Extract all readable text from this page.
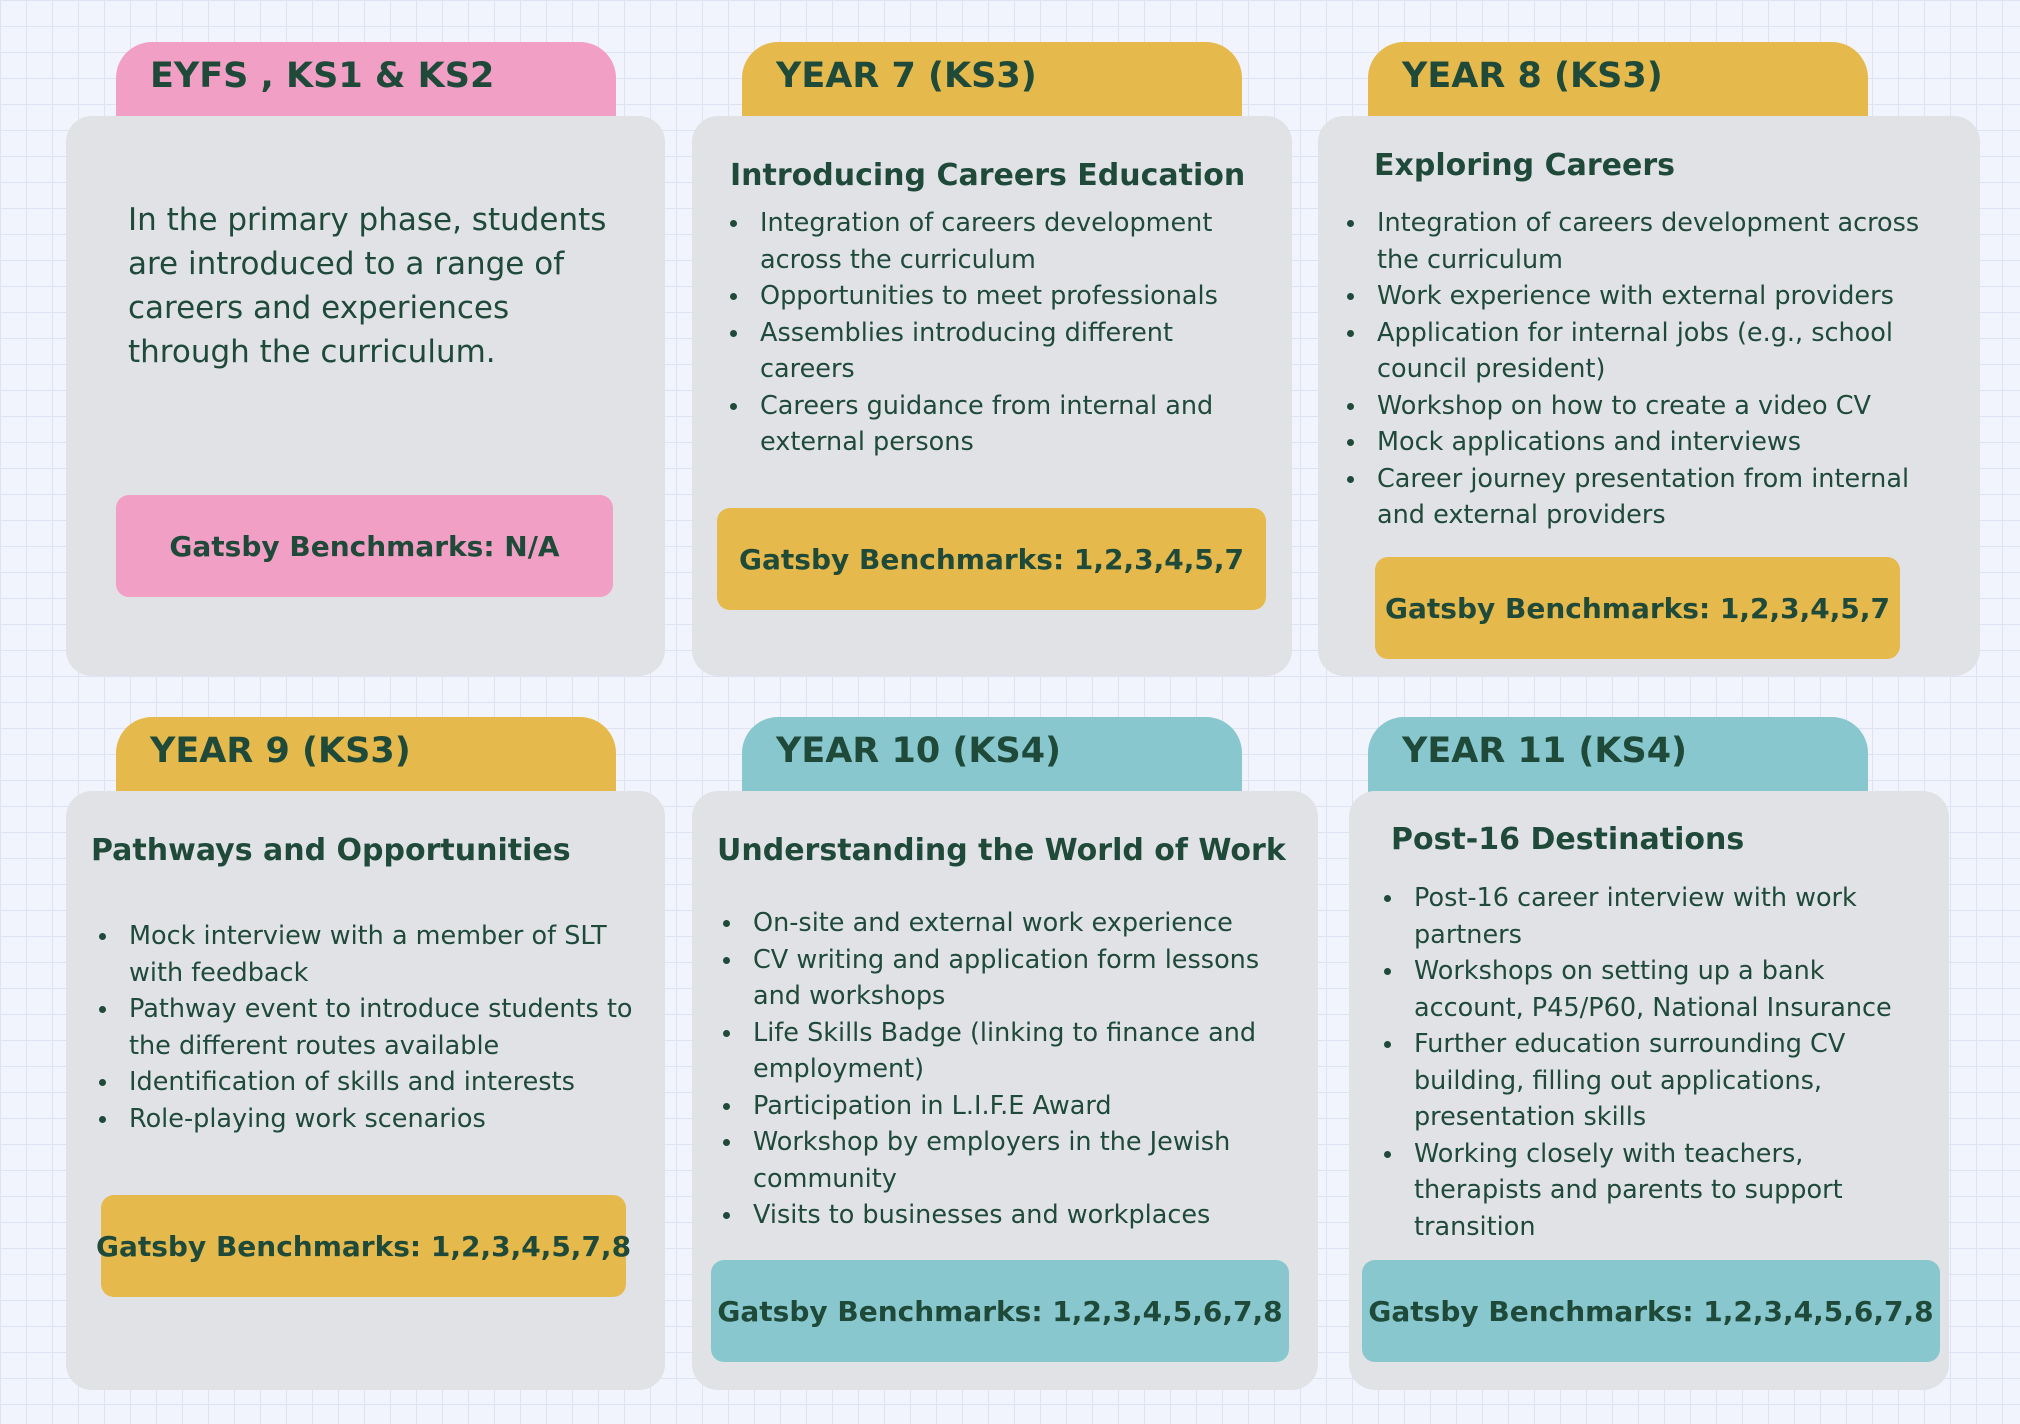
EYFS , KS1 & KS2
In the primary phase, students are introduced to a range of careers and experiences through the curriculum.
Gatsby Benchmarks: N/A
YEAR 7 (KS3)
Introducing Careers Education
Integration of careers development across the curriculum
Opportunities to meet professionals
Assemblies introducing different careers
Careers guidance from internal and external persons
Gatsby Benchmarks: 1,2,3,4,5,7
YEAR 8 (KS3)
Exploring Careers
Integration of careers development across the curriculum
Work experience with external providers
Application for internal jobs (e.g., school council president)
Workshop on how to create a video CV
Mock applications and interviews
Career journey presentation from internal and external providers
Gatsby Benchmarks: 1,2,3,4,5,7
YEAR 9 (KS3)
Pathways and Opportunities
Mock interview with a member of SLT with feedback
Pathway event to introduce students to the different routes available
Identification of skills and interests
Role-playing work scenarios
Gatsby Benchmarks: 1,2,3,4,5,7,8
YEAR 10 (KS4)
Understanding the World of Work
On-site and external work experience
CV writing and application form lessons and workshops
Life Skills Badge (linking to finance and employment)
Participation in L.I.F.E Award
Workshop by employers in the Jewish community
Visits to businesses and workplaces
Gatsby Benchmarks: 1,2,3,4,5,6,7,8
YEAR 11 (KS4)
Post-16 Destinations
Post-16 career interview with work partners
Workshops on setting up a bank account, P45/P60, National Insurance
Further education surrounding CV building, filling out applications, presentation skills
Working closely with teachers, therapists and parents to support transition
Gatsby Benchmarks: 1,2,3,4,5,6,7,8
